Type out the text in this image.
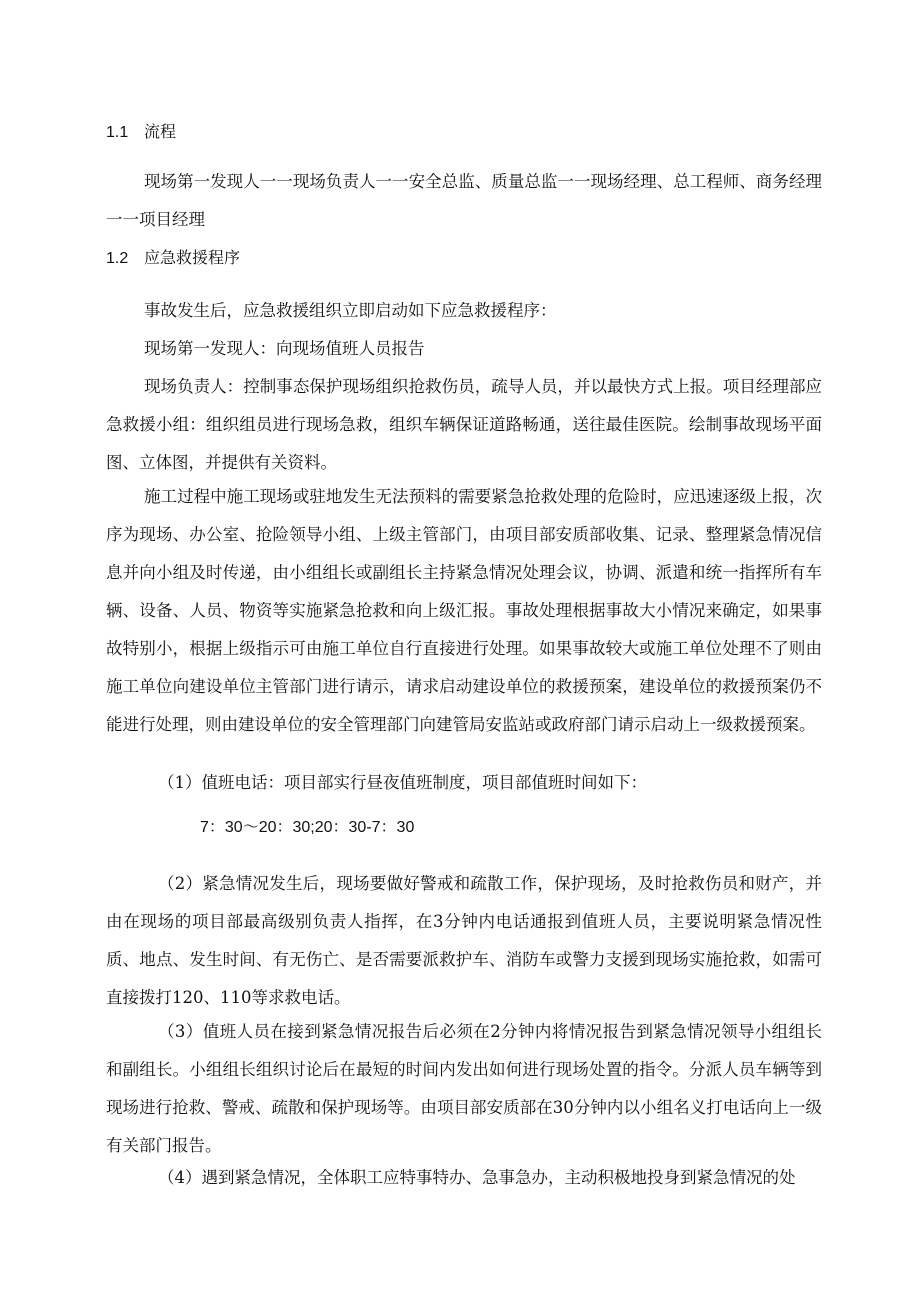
1.1 流程

现场第一发现人一一现场负责人一一安全总监、质量总监一一现场经理、总工程师、商务经理一一项目经理

1.2 应急救援程序

事故发生后，应急救援组织立即启动如下应急救援程序：

现场第一发现人：向现场值班人员报告

现场负责人：控制事态保护现场组织抢救伤员，疏导人员，并以最快方式上报。项目经理部应急救援小组：组织组员进行现场急救，组织车辆保证道路畅通，送往最佳医院。绘制事故现场平面图、立体图，并提供有关资料。

施工过程中施工现场或驻地发生无法预料的需要紧急抢救处理的危险时，应迅速逐级上报，次序为现场、办公室、抢险领导小组、上级主管部门，由项目部安质部收集、记录、整理紧急情况信息并向小组及时传递，由小组组长或副组长主持紧急情况处理会议，协调、派遣和统一指挥所有车辆、设备、人员、物资等实施紧急抢救和向上级汇报。事故处理根据事故大小情况来确定，如果事故特别小，根据上级指示可由施工单位自行直接进行处理。如果事故较大或施工单位处理不了则由施工单位向建设单位主管部门进行请示，请求启动建设单位的救援预案，建设单位的救援预案仍不能进行处理，则由建设单位的安全管理部门向建管局安监站或政府部门请示启动上一级救援预案。

（1）值班电话：项目部实行昼夜值班制度，项目部值班时间如下：

7：30～20：30;20：30-7：30

（2）紧急情况发生后，现场要做好警戒和疏散工作，保护现场，及时抢救伤员和财产，并由在现场的项目部最高级别负责人指挥，在3分钟内电话通报到值班人员，主要说明紧急情况性质、地点、发生时间、有无伤亡、是否需要派救护车、消防车或警力支援到现场实施抢救，如需可直接拨打120、110等求救电话。

（3）值班人员在接到紧急情况报告后必须在2分钟内将情况报告到紧急情况领导小组组长和副组长。小组组长组织讨论后在最短的时间内发出如何进行现场处置的指令。分派人员车辆等到现场进行抢救、警戒、疏散和保护现场等。由项目部安质部在30分钟内以小组名义打电话向上一级有关部门报告。

（4）遇到紧急情况，全体职工应特事特办、急事急办，主动积极地投身到紧急情况的处
